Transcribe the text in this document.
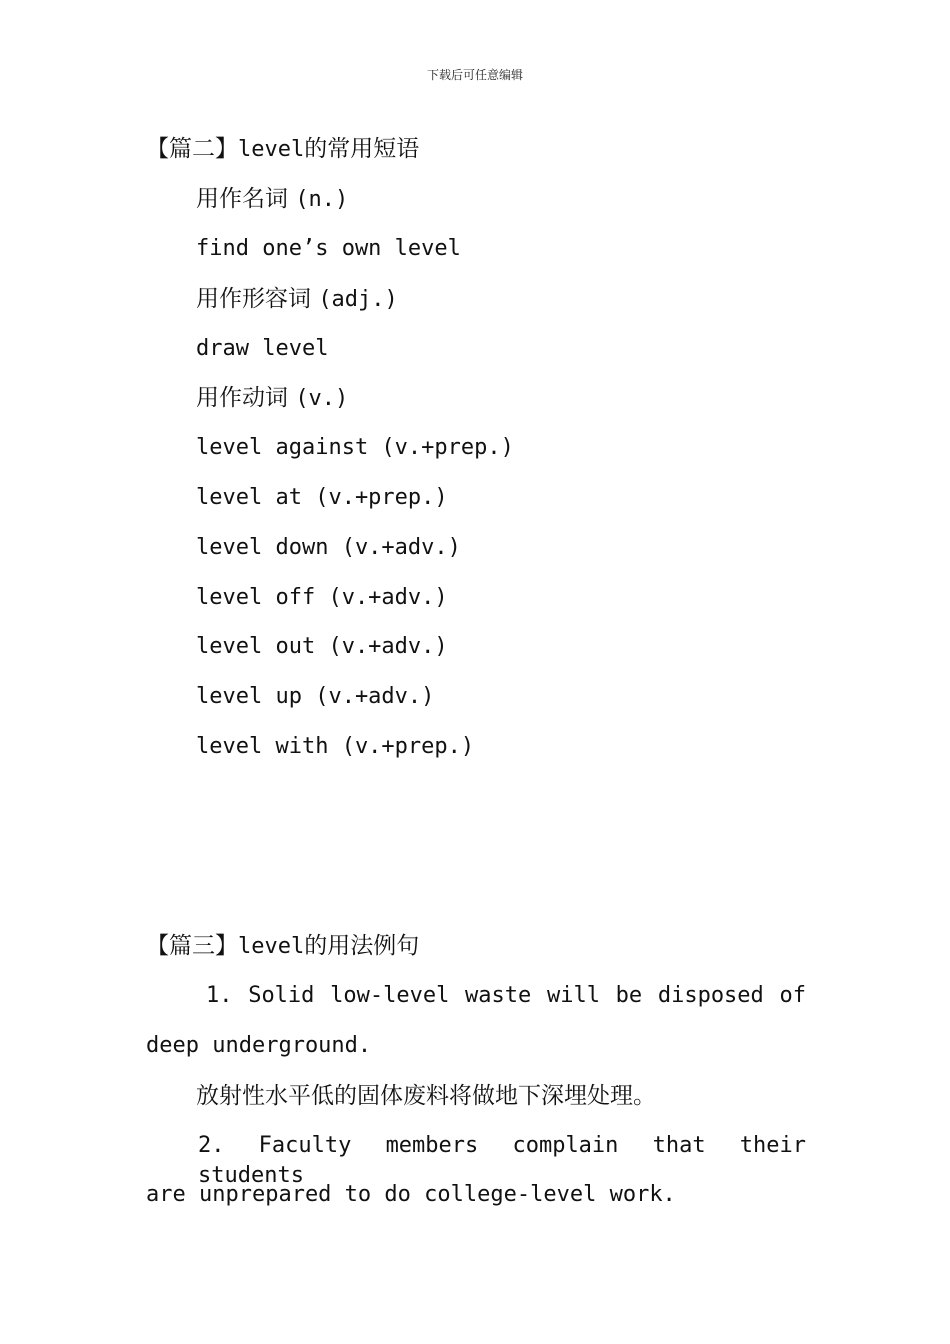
下载后可任意编辑
【篇二】level的常用短语
用作名词 (n.)
find one’s own level
用作形容词 (adj.)
draw level
用作动词 (v.)
level against (v.+prep.)
level at (v.+prep.)
level down (v.+adv.)
level off (v.+adv.)
level out (v.+adv.)
level up (v.+adv.)
level with (v.+prep.)
【篇三】level的用法例句
1. Solid low-level waste will be disposed of
deep underground.
放射性水平低的固体废料将做地下深埋处理。
2. Faculty members complain that their students
are unprepared to do college-level work.
